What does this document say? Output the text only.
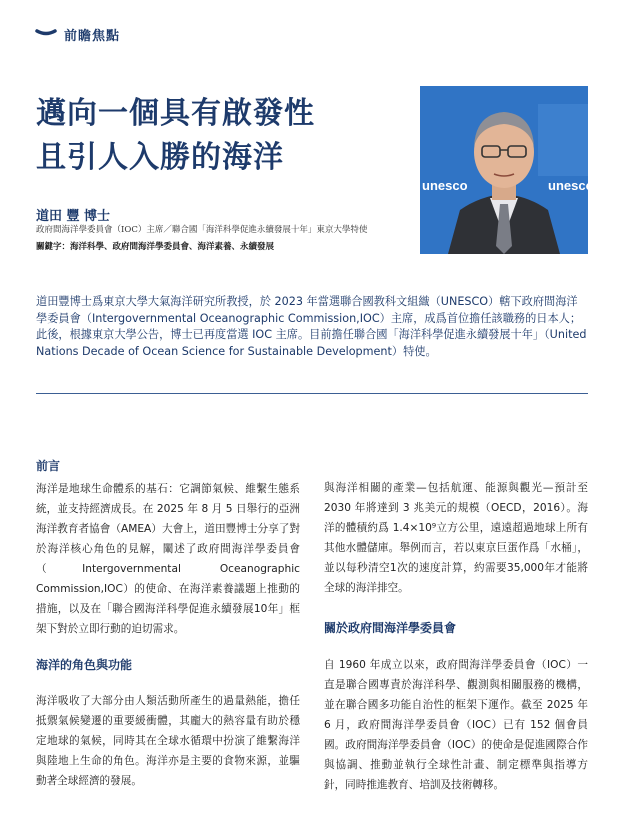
前瞻焦點
邁向一個具有啟發性
且引人入勝的海洋
道田 豐 博士
政府間海洋學委員會（IOC）主席／聯合國「海洋科學促進永續發展十年」東京大學特使
關鍵字：海洋科學、政府間海洋學委員會、海洋素養、永續發展
unesco	unesco
道田豐博士爲東京大學大氣海洋研究所教授，於 2023 年當選聯合國教科文組織（UNESCO）轄下政府間海洋學委員會（Intergovernmental Oceanographic Commission,IOC）主席，成爲首位擔任該職務的日本人；此後，根據東京大學公告，博士已再度當選 IOC 主席。目前擔任聯合國「海洋科學促進永續發展十年」（United Nations Decade of Ocean Science for Sustainable Development）特使。
前言

海洋是地球生命體系的基石：它調節氣候、維繫生態系統，並支持經濟成長。在 2025 年 8 月 5 日舉行的亞洲海洋教育者協會（AMEA）大會上，道田豐博士分享了對於海洋核心角色的見解，闡述了政府間海洋學委員會（Intergovernmental Oceanographic Commission,IOC）的使命、在海洋素養議題上推動的措施，以及在「聯合國海洋科學促進永續發展10年」框架下對於立即行動的迫切需求。

海洋的角色與功能

海洋吸收了大部分由人類活動所產生的過量熱能，擔任抵禦氣候變遷的重要緩衝體，其龐大的熱容量有助於穩定地球的氣候，同時其在全球水循環中扮演了維繫海洋與陸地上生命的角色。海洋亦是主要的食物來源，並驅動著全球經濟的發展。

與海洋相關的產業—包括航運、能源與觀光—預計至 2030 年將達到 3 兆美元的規模（OECD，2016）。海洋的體積約爲 1.4×10⁹立方公里，遠遠超過地球上所有其他水體儲庫。舉例而言，若以東京巨蛋作爲「水桶」，並以每秒清空1次的速度計算，約需要35,000年才能將全球的海洋排空。

關於政府間海洋學委員會

自 1960 年成立以來，政府間海洋學委員會（IOC）一直是聯合國專責於海洋科學、觀測與相關服務的機構，並在聯合國多功能自治性的框架下運作。截至 2025 年 6 月，政府間海洋學委員會（IOC）已有 152 個會員國。政府間海洋學委員會（IOC）的使命是促進國際合作與協調、推動並執行全球性計畫、制定標準與指導方針，同時推進教育、培訓及技術轉移。
